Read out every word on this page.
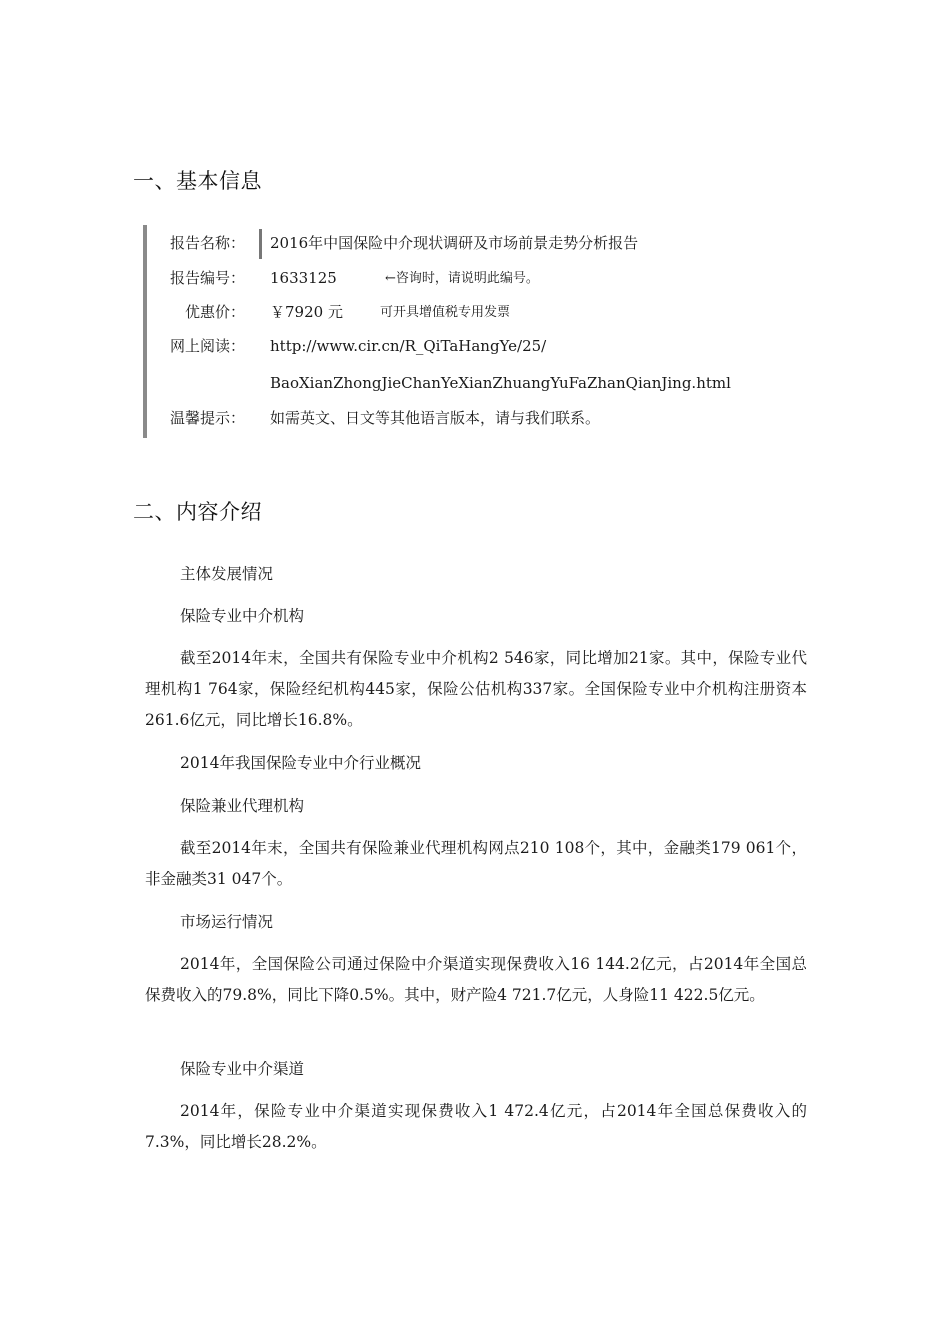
一、基本信息
报告名称： 2016年中国保险中介现状调研及市场前景走势分析报告
报告编号： 1633125	←咨询时，请说明此编号。
优惠价： ￥7920 元	可开具增值税专用发票
网上阅读： http://www.cir.cn/R_QiTaHangYe/25/
BaoXianZhongJieChanYeXianZhuangYuFaZhanQianJing.html
温馨提示： 如需英文、日文等其他语言版本，请与我们联系。
二、内容介绍

主体发展情况

保险专业中介机构

截至2014年末，全国共有保险专业中介机构2 546家，同比增加21家。其中，保险专业代理机构1 764家，保险经纪机构445家，保险公估机构337家。全国保险专业中介机构注册资本261.6亿元，同比增长16.8%。

2014年我国保险专业中介行业概况

保险兼业代理机构

截至2014年末，全国共有保险兼业代理机构网点210 108个，其中，金融类179 061个，非金融类31 047个。

市场运行情况

2014年，全国保险公司通过保险中介渠道实现保费收入16 144.2亿元，占2014年全国总保费收入的79.8%，同比下降0.5%。其中，财产险4 721.7亿元，人身险11 422.5亿元。

保险专业中介渠道

2014年，保险专业中介渠道实现保费收入1 472.4亿元，占2014年全国总保费收入的7.3%，同比增长28.2%。
